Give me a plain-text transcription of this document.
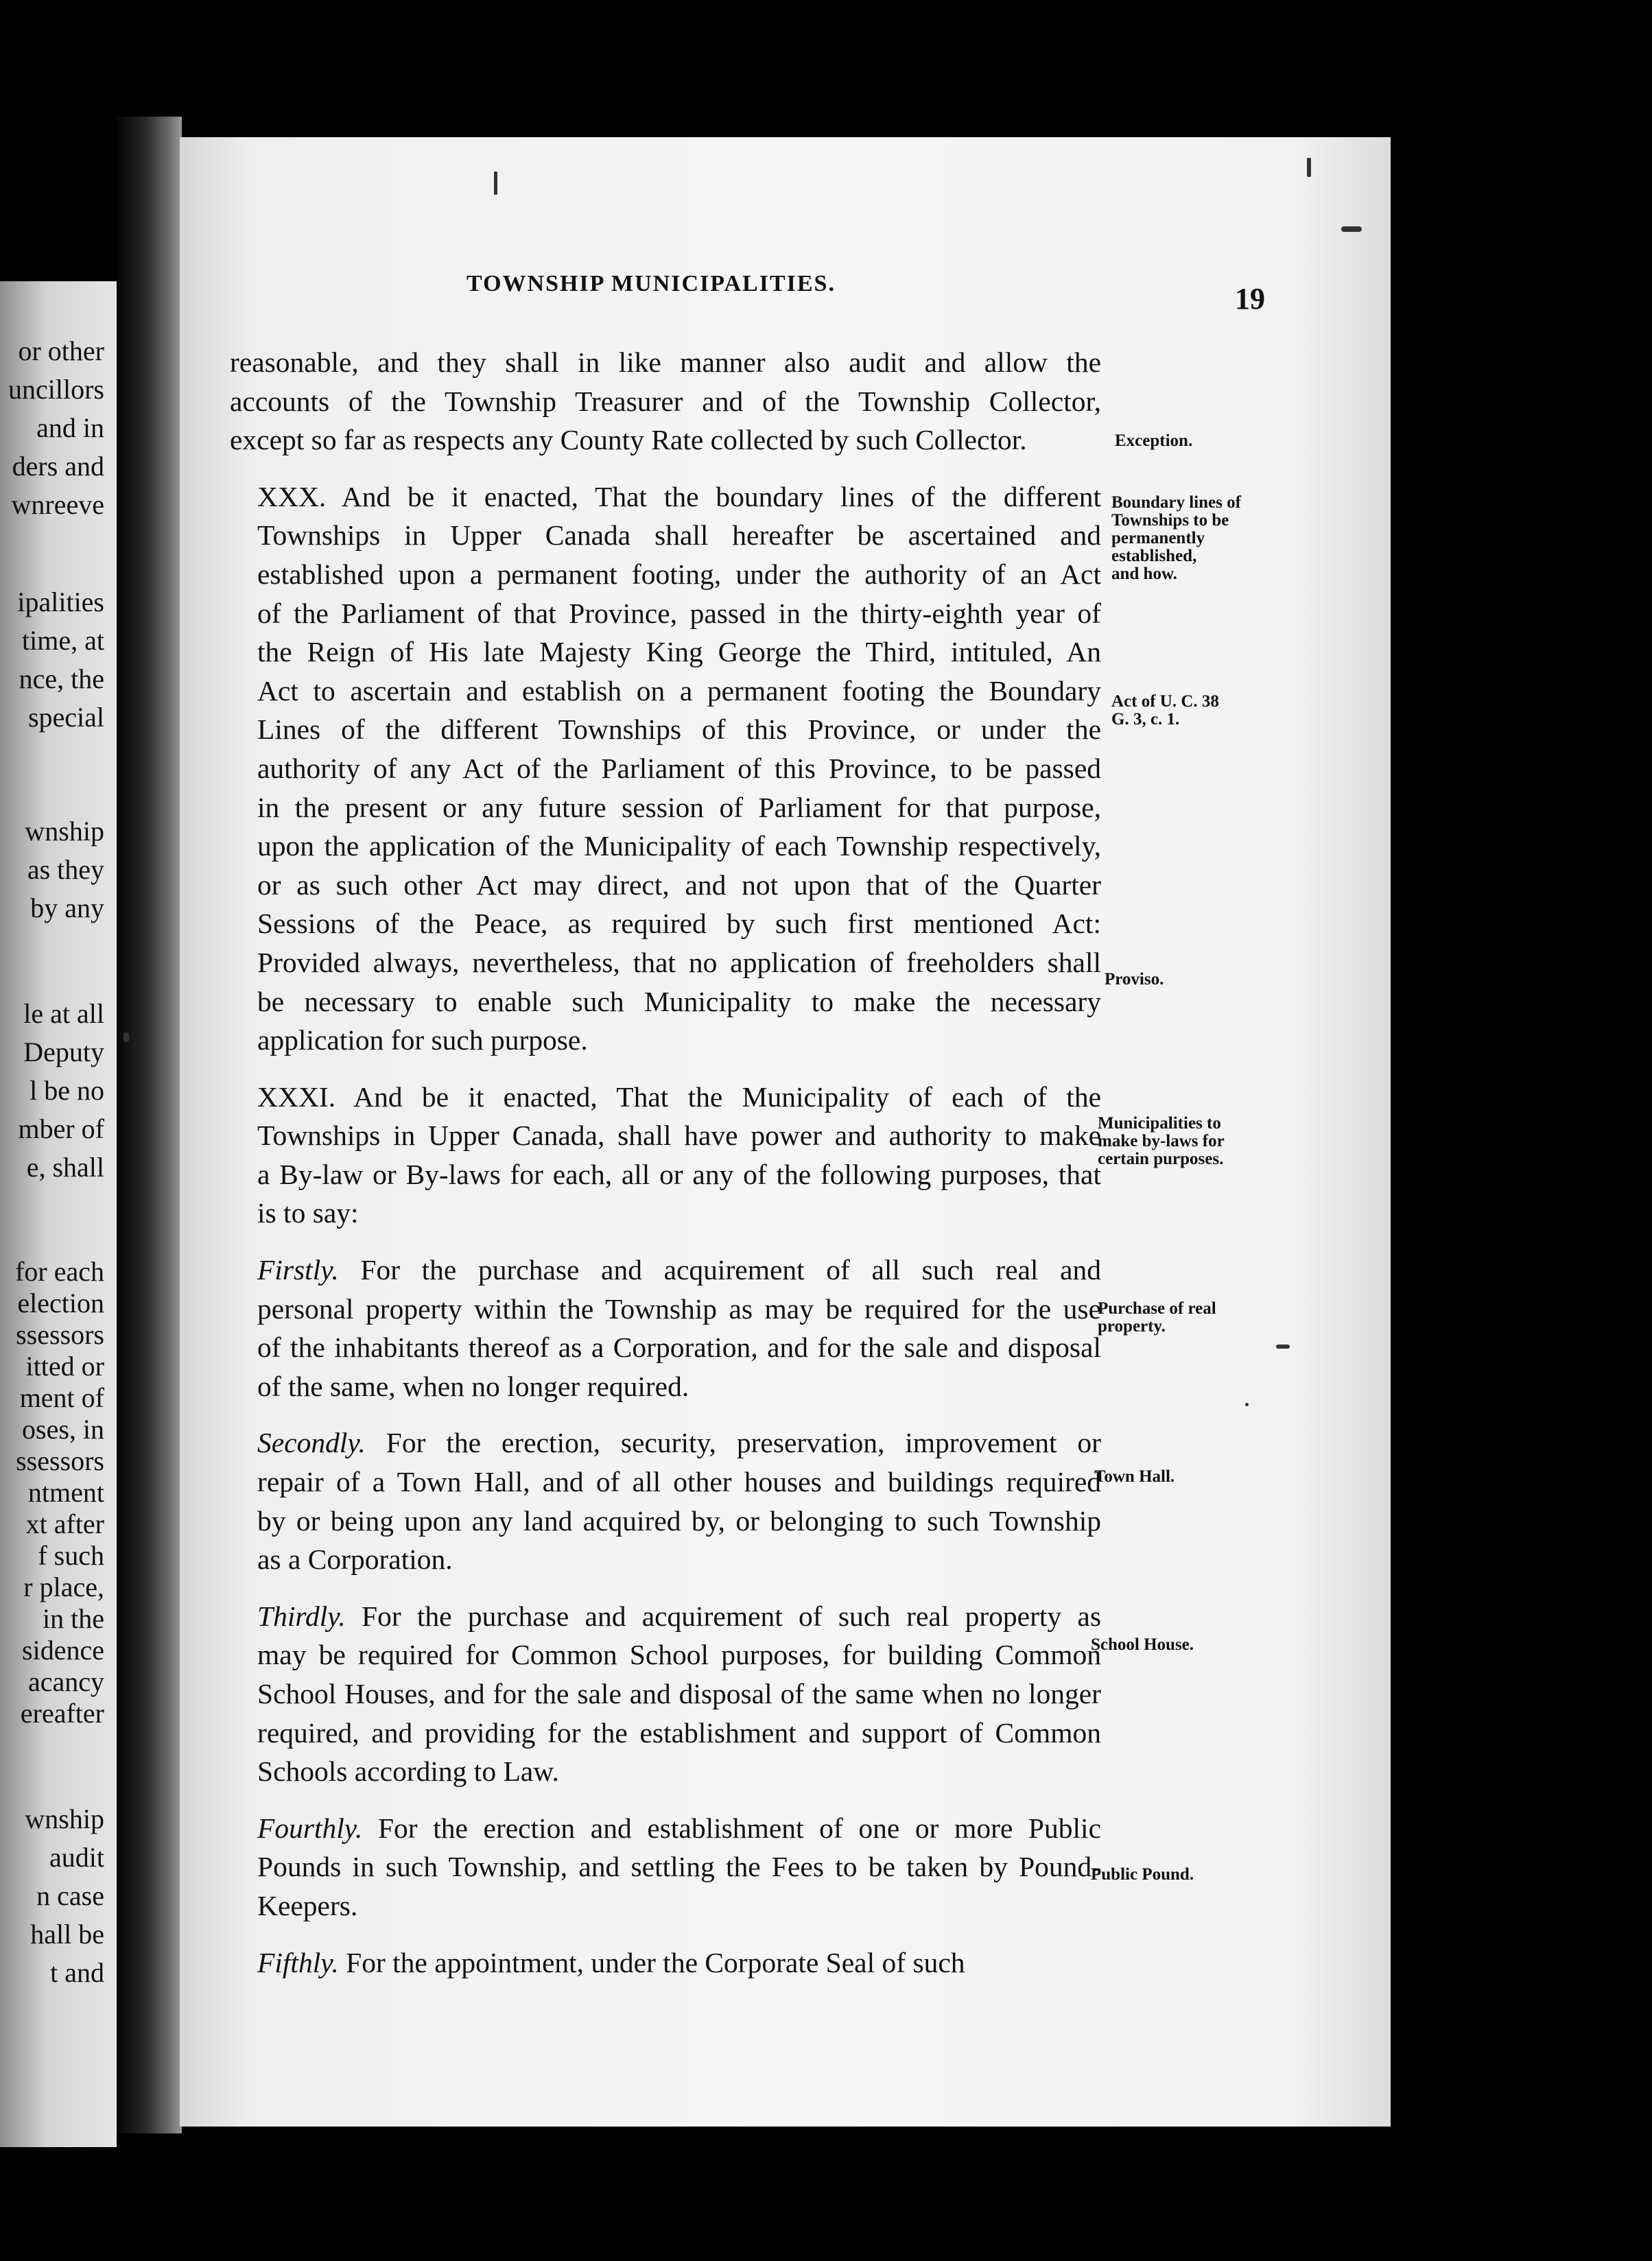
or other
uncillors
and in
ders and
wnreeve
ipalities
time, at
nce, the
special
wnship
as they
by any
le at all
Deputy
l be no
mber of
e, shall
for each
election
ssessors
itted or
ment of
oses, in
ssessors
ntment
xt after
f such
r place,
in the
sidence
acancy
ereafter
wnship
audit
n case
hall be
t and
TOWNSHIP MUNICIPALITIES.	19
reasonable, and they shall in like manner also audit and allow the
accounts of the Township Treasurer and of the Township Collector,
except so far as respects any County Rate collected by such Collector.
XXX. And be it enacted, That the boundary lines of the different
Townships in Upper Canada shall hereafter be ascertained and
established upon a permanent footing, under the authority of an Act
of the Parliament of that Province, passed in the thirty-eighth year of
the Reign of His late Majesty King George the Third, intituled, An
Act to ascertain and establish on a permanent footing the Boundary
Lines of the different Townships of this Province, or under the
authority of any Act of the Parliament of this Province, to be passed
in the present or any future session of Parliament for that purpose,
upon the application of the Municipality of each Township respectively,
or as such other Act may direct, and not upon that of the Quarter
Sessions of the Peace, as required by such first mentioned Act:
Provided always, nevertheless, that no application of freeholders shall
be necessary to enable such Municipality to make the necessary
application for such purpose.
XXXI. And be it enacted, That the Municipality of each of the
Townships in Upper Canada, shall have power and authority to make
a By-law or By-laws for each, all or any of the following purposes, that
is to say:
Firstly. For the purchase and acquirement of all such real and
personal property within the Township as may be required for the use
of the inhabitants thereof as a Corporation, and for the sale and disposal
of the same, when no longer required.
Secondly. For the erection, security, preservation, improvement or
repair of a Town Hall, and of all other houses and buildings required
by or being upon any land acquired by, or belonging to such Township
as a Corporation.
Thirdly. For the purchase and acquirement of such real property as
may be required for Common School purposes, for building Common
School Houses, and for the sale and disposal of the same when no longer
required, and providing for the establishment and support of Common
Schools according to Law.
Fourthly. For the erection and establishment of one or more Public
Pounds in such Township, and settling the Fees to be taken by Pound-
Keepers.
Fifthly. For the appointment, under the Corporate Seal of such
Exception.
Boundary lines of
Townships to be
permanently
established,
and how.
Act of U. C. 38
G. 3, c. 1.
Proviso.
Municipalities to
make by-laws for
certain purposes.
Purchase of real
property.
Town Hall.
School House.
Public Pound.
